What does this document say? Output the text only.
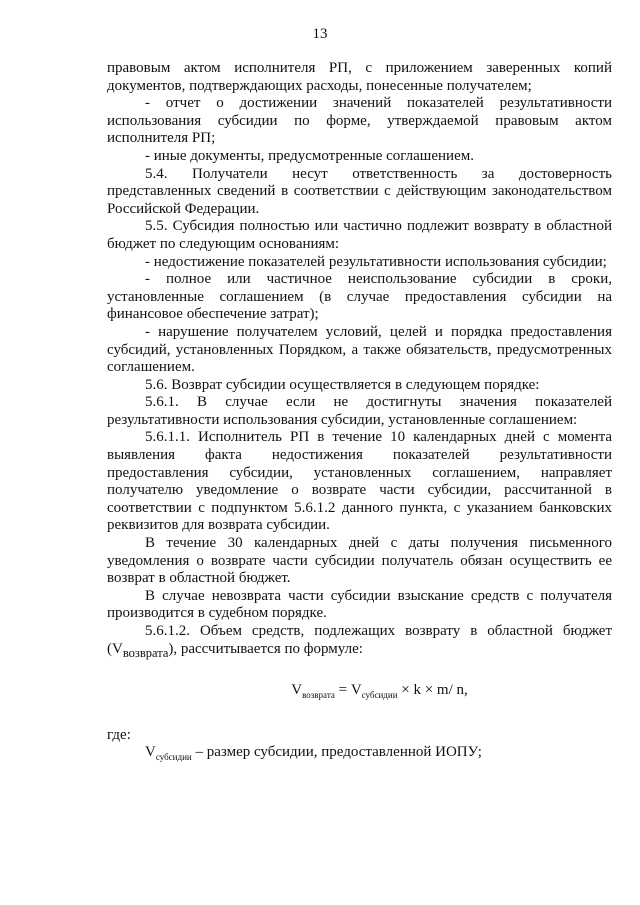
13

правовым актом исполнителя РП, с приложением заверенных копий документов, подтверждающих расходы, понесенные получателем;

- отчет о достижении значений показателей результативности использования субсидии по форме, утверждаемой правовым актом исполнителя РП;

- иные документы, предусмотренные соглашением.

5.4. Получатели несут ответственность за достоверность представленных сведений в соответствии с действующим законодательством Российской Федерации.

5.5. Субсидия полностью или частично подлежит возврату в областной бюджет по следующим основаниям:

- недостижение показателей результативности использования субсидии;

- полное или частичное неиспользование субсидии в сроки, установленные соглашением (в случае предоставления субсидии на финансовое обеспечение затрат);

- нарушение получателем условий, целей и порядка предоставления субсидий, установленных Порядком, а также обязательств, предусмотренных соглашением.

5.6. Возврат субсидии осуществляется в следующем порядке:

5.6.1. В случае если не достигнуты значения показателей результативности использования субсидии, установленные соглашением:

5.6.1.1. Исполнитель РП в течение 10 календарных дней с момента выявления факта недостижения показателей результативности предоставления субсидии, установленных соглашением, направляет получателю уведомление о возврате части субсидии, рассчитанной в соответствии с подпунктом 5.6.1.2 данного пункта, с указанием банковских реквизитов для возврата субсидии.

В течение 30 календарных дней с даты получения письменного уведомления о возврате части субсидии получатель обязан осуществить ее возврат в областной бюджет.

В случае невозврата части субсидии взыскание средств с получателя производится в судебном порядке.

5.6.1.2. Объем средств, подлежащих возврату в областной бюджет $(V_{возврата})$, рассчитывается по формуле:

$V_{возврата} = V_{субсидии} \times k \times m/$ n,

где:

$V_{субсидии}$ – размер субсидии, предоставленной ИОПУ;
